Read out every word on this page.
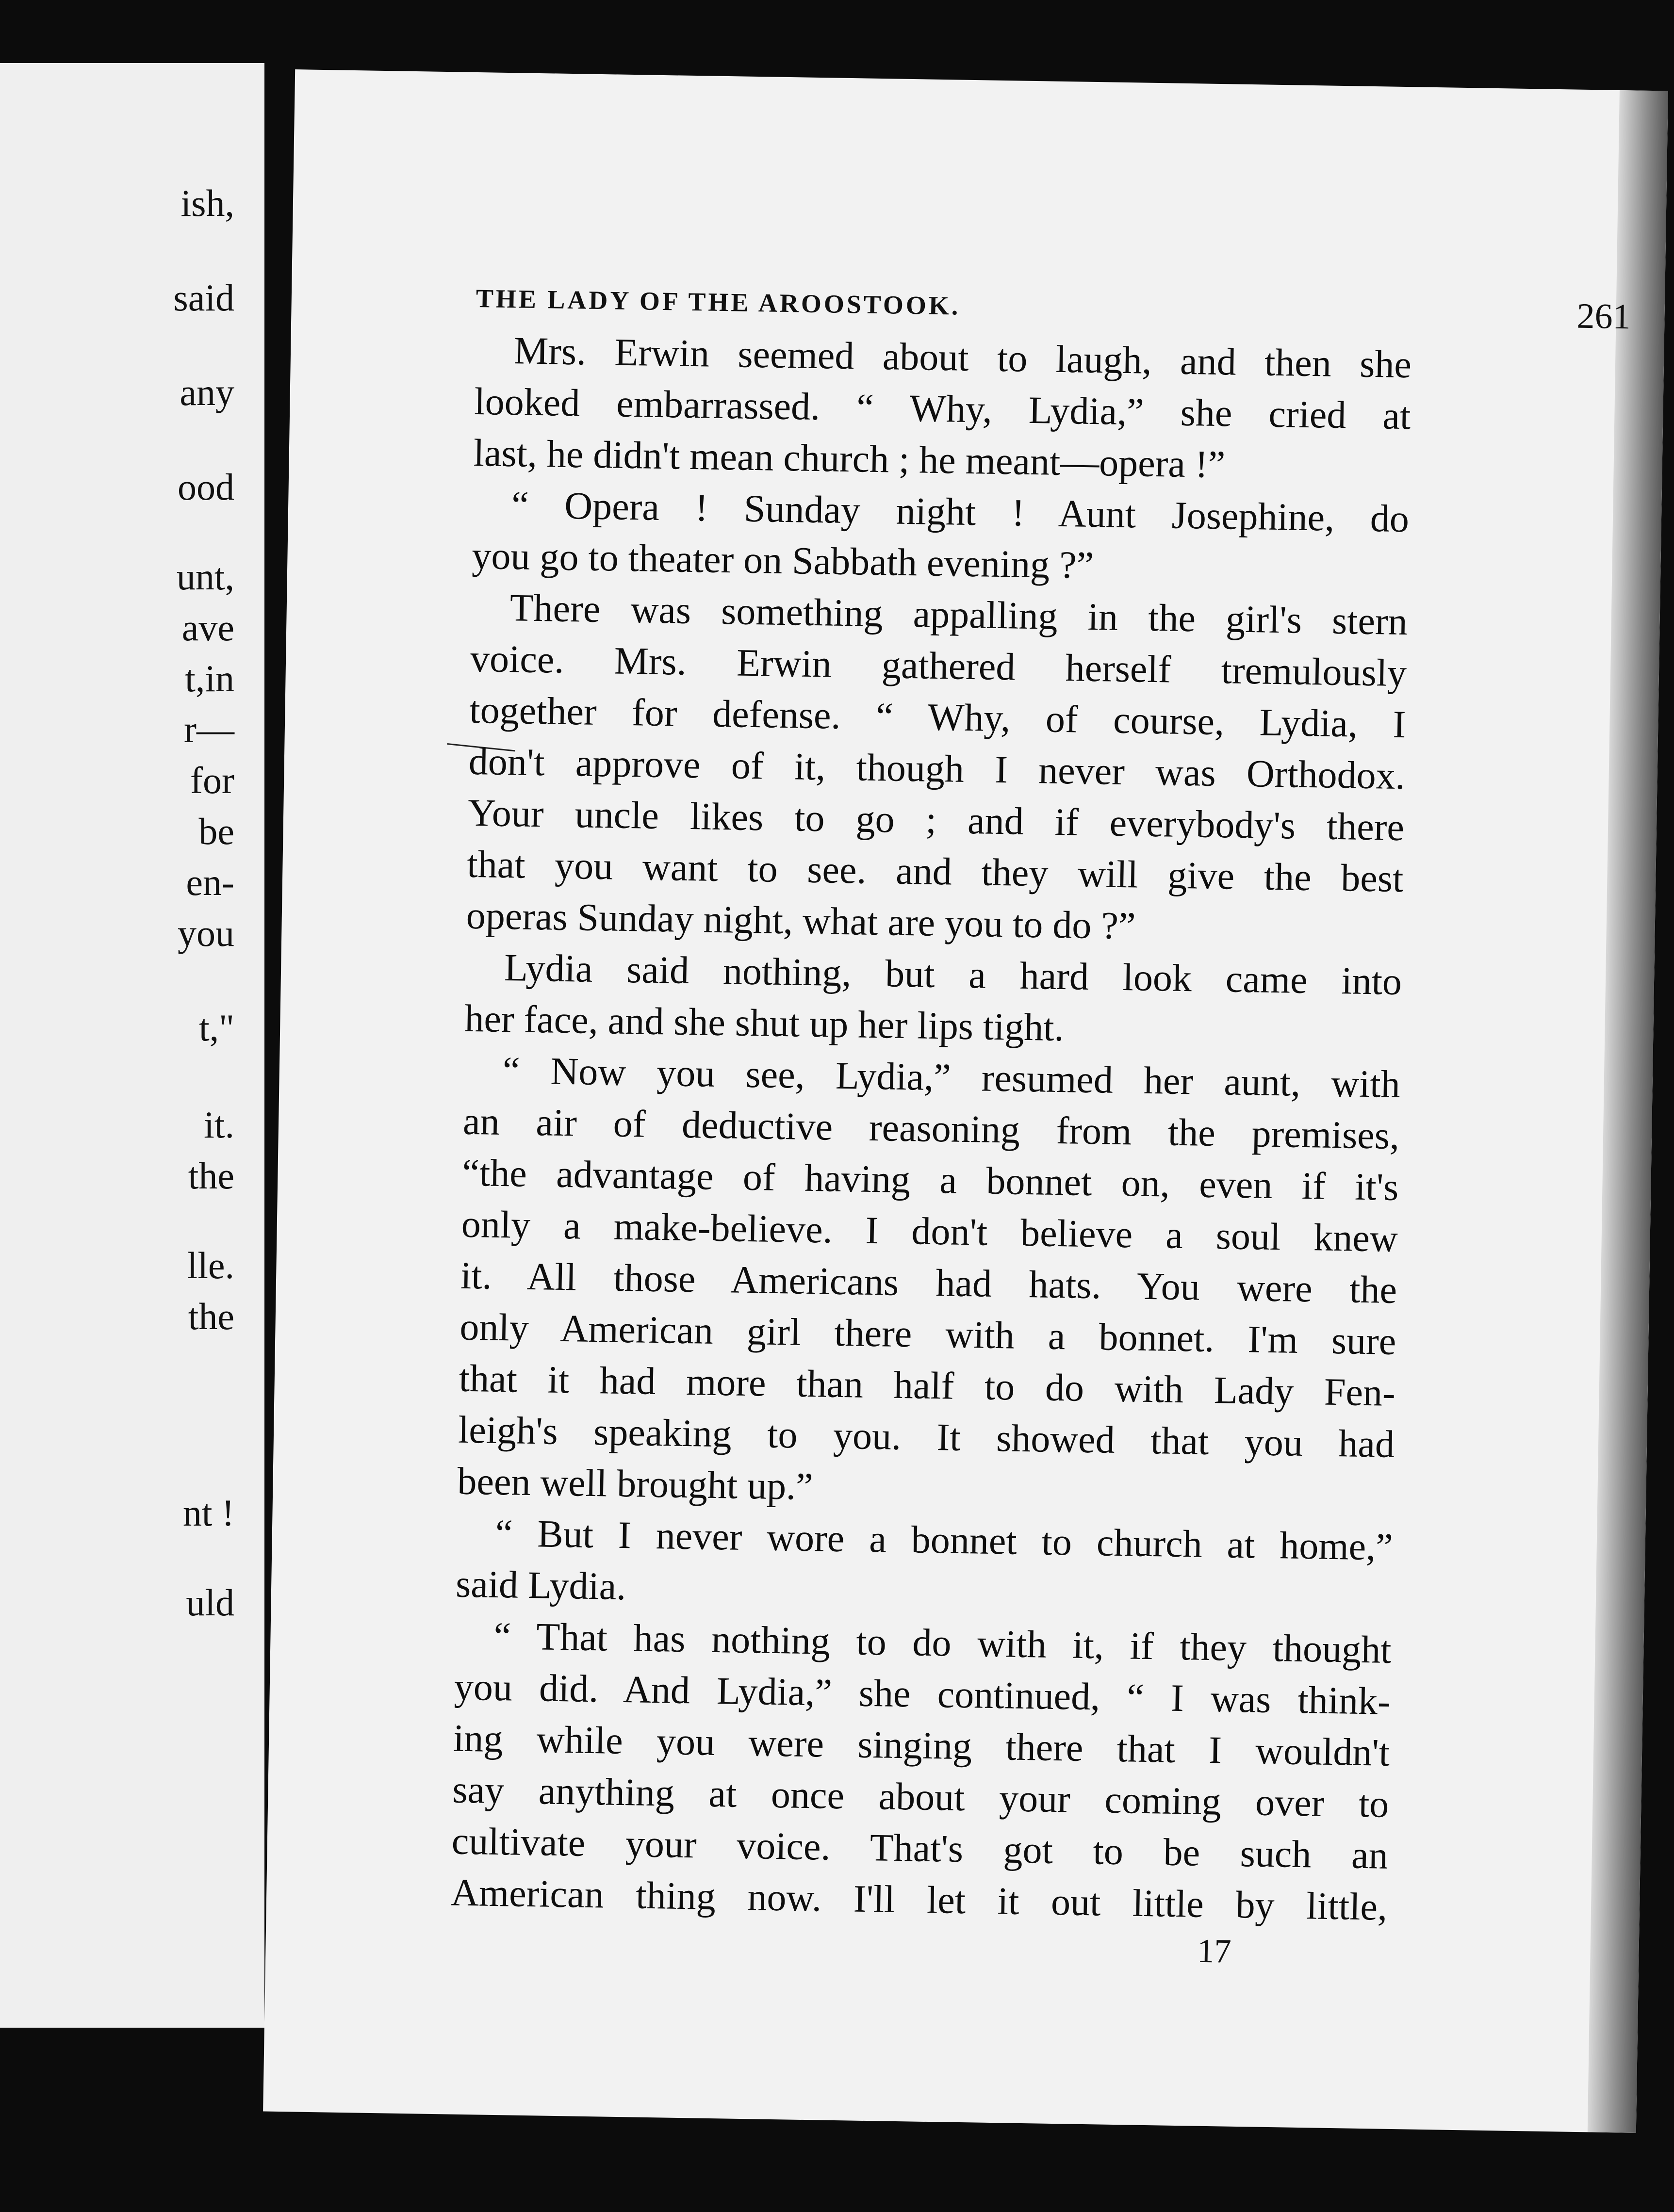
ish,
said
any
ood
unt,
ave
t,in
r—
for
be
en-
you
t,"
it.
the
lle.
the
nt !
uld
THE LADY OF THE AROOSTOOK.	261
Mrs. Erwin seemed about to laugh, and then she
looked embarrassed. “ Why, Lydia,” she cried at
last, he didn't mean church ; he meant—opera !”
“ Opera ! Sunday night ! Aunt Josephine, do
you go to theater on Sabbath evening ?”
There was something appalling in the girl's stern
voice. Mrs. Erwin gathered herself tremulously
together for defense. “ Why, of course, Lydia, I
don't approve of it, though I never was Orthodox.
Your uncle likes to go ; and if everybody's there
that you want to see. and they will give the best
operas Sunday night, what are you to do ?”
Lydia said nothing, but a hard look came into
her face, and she shut up her lips tight.
“ Now you see, Lydia,” resumed her aunt, with
an air of deductive reasoning from the premises,
“the advantage of having a bonnet on, even if it's
only a make-believe. I don't believe a soul knew
it. All those Americans had hats. You were the
only American girl there with a bonnet. I'm sure
that it had more than half to do with Lady Fen-
leigh's speaking to you. It showed that you had
been well brought up.”
“ But I never wore a bonnet to church at home,”
said Lydia.
“ That has nothing to do with it, if they thought
you did. And Lydia,” she continued, “ I was think-
ing while you were singing there that I wouldn't
say anything at once about your coming over to
cultivate your voice. That's got to be such an
American thing now. I'll let it out little by little,
17
